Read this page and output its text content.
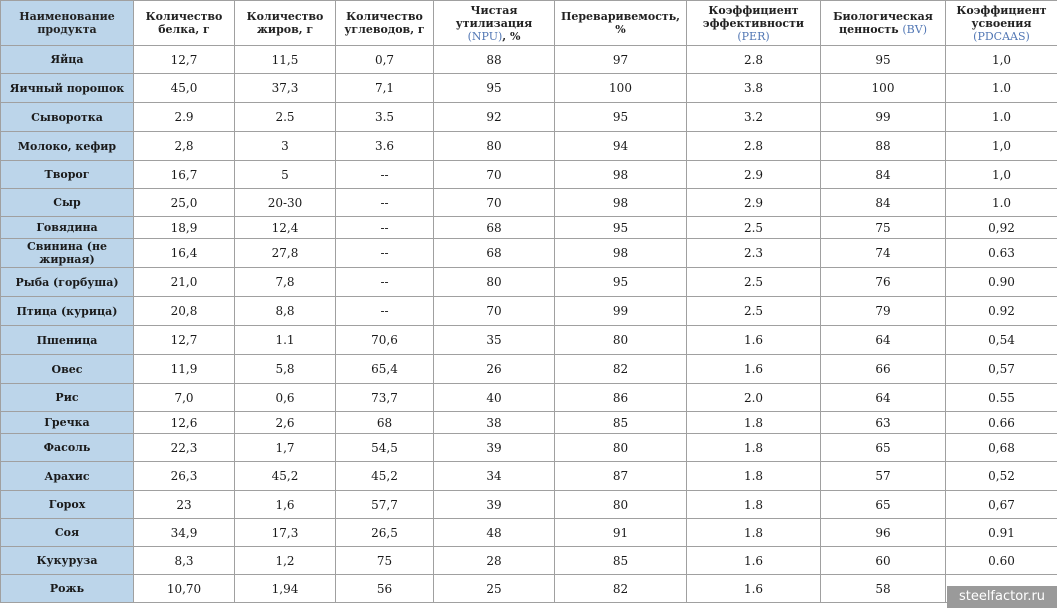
Наименование продукта	Количество белка, г	Количество жиров, г	Количество углеводов, г	Чистая утилизация (NPU), %	Переваривемость, %	Коэффициент эффективности (PER)	Биологическая ценность (BV)	Коэффициент усвоения (PDCAAS)
Яйца	12,7	11,5	0,7	88	97	2.8	95	1,0
Яичный порошок	45,0	37,3	7,1	95	100	3.8	100	1.0
Сыворотка	2.9	2.5	3.5	92	95	3.2	99	1.0
Молоко, кефир	2,8	3	3.6	80	94	2.8	88	1,0
Творог	16,7	5	--	70	98	2.9	84	1,0
Сыр	25,0	20-30	--	70	98	2.9	84	1.0
Говядина	18,9	12,4	--	68	95	2.5	75	0,92
Свинина (не жирная)	16,4	27,8	--	68	98	2.3	74	0.63
Рыба (горбуша)	21,0	7,8	--	80	95	2.5	76	0.90
Птица (курица)	20,8	8,8	--	70	99	2.5	79	0.92
Пшеница	12,7	1.1	70,6	35	80	1.6	64	0,54
Овес	11,9	5,8	65,4	26	82	1.6	66	0,57
Рис	7,0	0,6	73,7	40	86	2.0	64	0.55
Гречка	12,6	2,6	68	38	85	1.8	63	0.66
Фасоль	22,3	1,7	54,5	39	80	1.8	65	0,68
Арахис	26,3	45,2	45,2	34	87	1.8	57	0,52
Горох	23	1,6	57,7	39	80	1.8	65	0,67
Соя	34,9	17,3	26,5	48	91	1.8	96	0.91
Кукуруза	8,3	1,2	75	28	85	1.6	60	0.60
Рожь	10,70	1,94	56	25	82	1.6	58	
steelfactor.ru
